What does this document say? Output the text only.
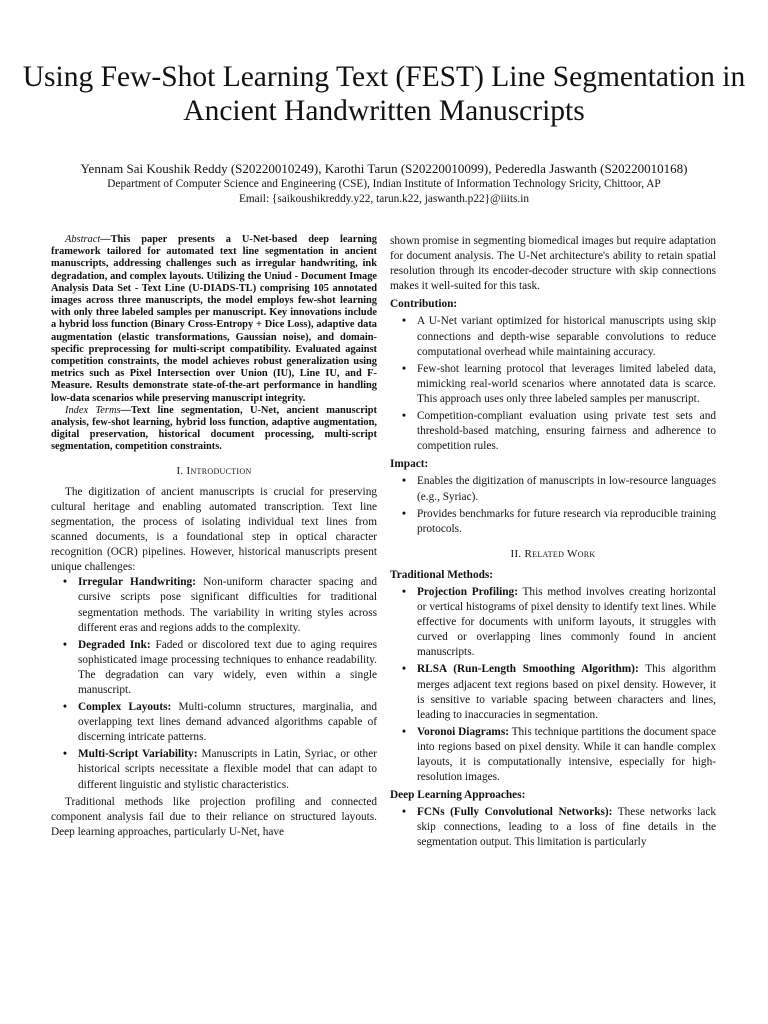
Using Few-Shot Learning Text (FEST) Line Segmentation in Ancient Handwritten Manuscripts
Yennam Sai Koushik Reddy (S20220010249), Karothi Tarun (S20220010099), Pederedla Jaswanth (S20220010168)
Department of Computer Science and Engineering (CSE), Indian Institute of Information Technology Sricity, Chittoor, AP
Email: {saikoushikreddy.y22, tarun.k22, jaswanth.p22}@iiits.in

Abstract—This paper presents a U-Net-based deep learning framework tailored for automated text line segmentation in ancient manuscripts, addressing challenges such as irregular handwriting, ink degradation, and complex layouts. Utilizing the Uniud - Document Image Analysis Data Set - Text Line (U-DIADS-TL) comprising 105 annotated images across three manuscripts, the model employs few-shot learning with only three labeled samples per manuscript. Key innovations include a hybrid loss function (Binary Cross-Entropy + Dice Loss), adaptive data augmentation (elastic transformations, Gaussian noise), and domain-specific preprocessing for multi-script compatibility. Evaluated against competition constraints, the model achieves robust generalization using metrics such as Pixel Intersection over Union (IU), Line IU, and F-Measure. Results demonstrate state-of-the-art performance in handling low-data scenarios while preserving manuscript integrity.

Index Terms—Text line segmentation, U-Net, ancient manuscript analysis, few-shot learning, hybrid loss function, adaptive augmentation, digital preservation, historical document processing, multi-script segmentation, competition constraints.

I. Introduction

The digitization of ancient manuscripts is crucial for preserving cultural heritage and enabling automated transcription. Text line segmentation, the process of isolating individual text lines from scanned documents, is a foundational step in optical character recognition (OCR) pipelines. However, historical manuscripts present unique challenges:

• Irregular Handwriting: Non-uniform character spacing and cursive scripts pose significant difficulties for traditional segmentation methods. The variability in writing styles across different eras and regions adds to the complexity.
• Degraded Ink: Faded or discolored text due to aging requires sophisticated image processing techniques to enhance readability. The degradation can vary widely, even within a single manuscript.
• Complex Layouts: Multi-column structures, marginalia, and overlapping text lines demand advanced algorithms capable of discerning intricate patterns.
• Multi-Script Variability: Manuscripts in Latin, Syriac, or other historical scripts necessitate a flexible model that can adapt to different linguistic and stylistic characteristics.

Traditional methods like projection profiling and connected component analysis fail due to their reliance on structured layouts. Deep learning approaches, particularly U-Net, have

shown promise in segmenting biomedical images but require adaptation for document analysis. The U-Net architecture's ability to retain spatial resolution through its encoder-decoder structure with skip connections makes it well-suited for this task.

Contribution:
• A U-Net variant optimized for historical manuscripts using skip connections and depth-wise separable convolutions to reduce computational overhead while maintaining accuracy.
• Few-shot learning protocol that leverages limited labeled data, mimicking real-world scenarios where annotated data is scarce. This approach uses only three labeled samples per manuscript.
• Competition-compliant evaluation using private test sets and threshold-based matching, ensuring fairness and adherence to competition rules.
Impact:
• Enables the digitization of manuscripts in low-resource languages (e.g., Syriac).
• Provides benchmarks for future research via reproducible training protocols.
II. Related Work
Traditional Methods:
• Projection Profiling: This method involves creating horizontal or vertical histograms of pixel density to identify text lines. While effective for documents with uniform layouts, it struggles with curved or overlapping lines commonly found in ancient manuscripts.
• RLSA (Run-Length Smoothing Algorithm): This algorithm merges adjacent text regions based on pixel density. However, it is sensitive to variable spacing between characters and lines, leading to inaccuracies in segmentation.
• Voronoi Diagrams: This technique partitions the document space into regions based on pixel density. While it can handle complex layouts, it is computationally intensive, especially for high-resolution images.
Deep Learning Approaches:
• FCNs (Fully Convolutional Networks): These networks lack skip connections, leading to a loss of fine details in the segmentation output. This limitation is particularly
